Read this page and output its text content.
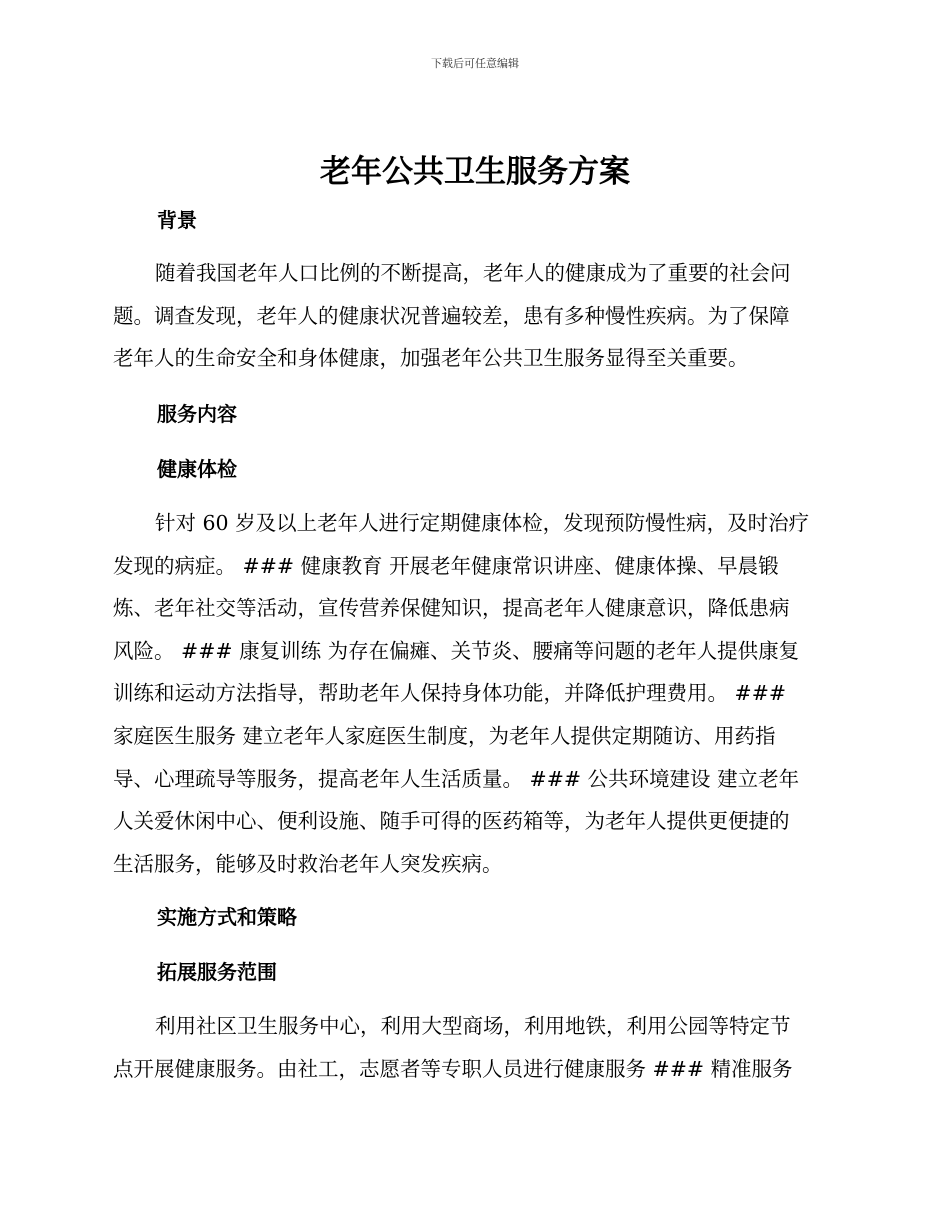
下载后可任意编辑
老年公共卫生服务方案
背景

随着我国老年人口比例的不断提高，老年人的健康成为了重要的社会问
题。调查发现，老年人的健康状况普遍较差，患有多种慢性疾病。为了保障
老年人的生命安全和身体健康，加强老年公共卫生服务显得至关重要。

服务内容
健康体检

针对 60 岁及以上老年人进行定期健康体检，发现预防慢性病，及时治疗
发现的病症。 ### 健康教育 开展老年健康常识讲座、健康体操、早晨锻
炼、老年社交等活动，宣传营养保健知识，提高老年人健康意识，降低患病
风险。 ### 康复训练 为存在偏瘫、关节炎、腰痛等问题的老年人提供康复
训练和运动方法指导，帮助老年人保持身体功能，并降低护理费用。 ###
家庭医生服务 建立老年人家庭医生制度，为老年人提供定期随访、用药指
导、心理疏导等服务，提高老年人生活质量。 ### 公共环境建设 建立老年
人关爱休闲中心、便利设施、随手可得的医药箱等，为老年人提供更便捷的
生活服务，能够及时救治老年人突发疾病。

实施方式和策略
拓展服务范围

利用社区卫生服务中心，利用大型商场，利用地铁，利用公园等特定节
点开展健康服务。由社工，志愿者等专职人员进行健康服务 ### 精准服务
